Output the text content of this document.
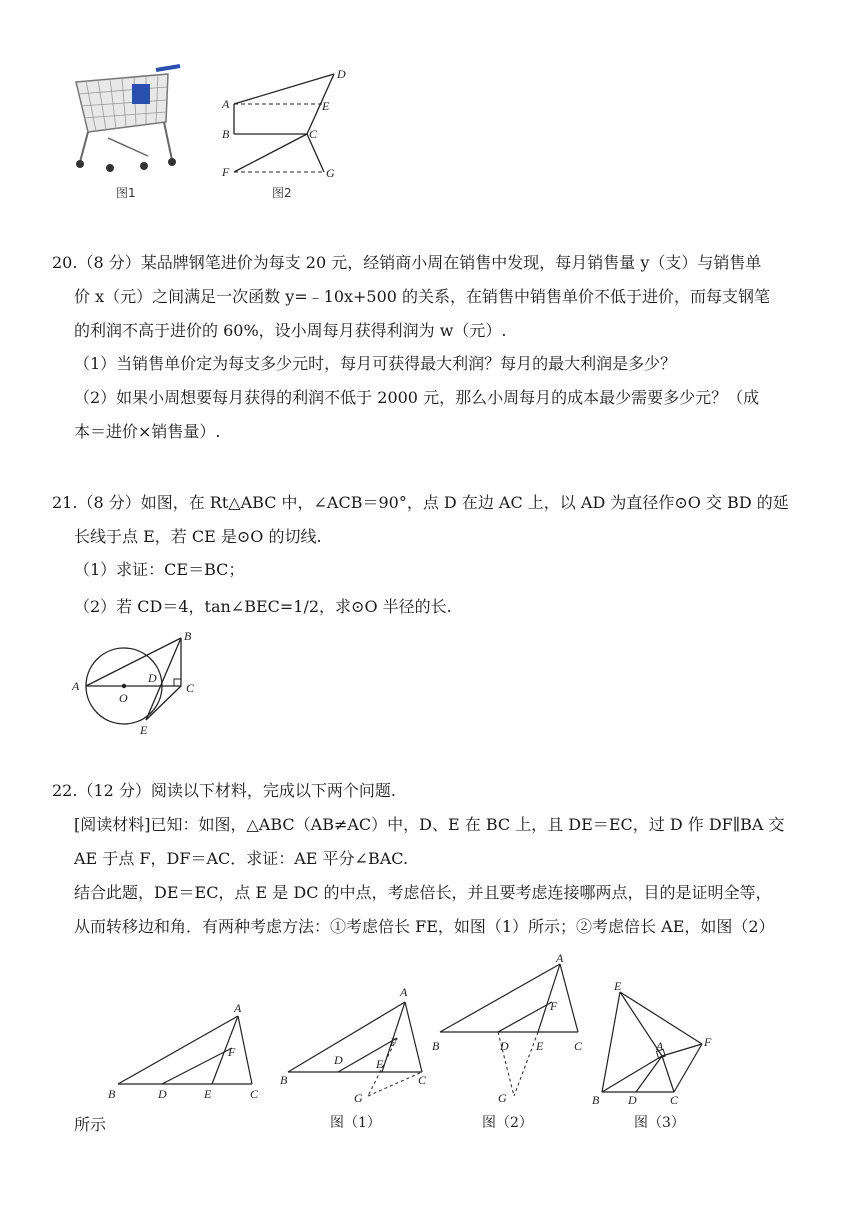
图1
A
B	C
D
E
F	G
图2
20.（8 分）某品牌钢笔进价为每支 20 元，经销商小周在销售中发现，每月销售量 y（支）与销售单
价 x（元）之间满足一次函数 y=﹣10x+500 的关系，在销售中销售单价不低于进价，而每支钢笔
的利润不高于进价的 60%，设小周每月获得利润为 w（元）.
（1）当销售单价定为每支多少元时，每月可获得最大利润？每月的最大利润是多少？
（2）如果小周想要每月获得的利润不低于 2000 元，那么小周每月的成本最少需要多少元？（成
本＝进价×销售量）.
21.（8 分）如图，在 Rt△ABC 中，∠ACB＝90°，点 D 在边 AC 上，以 AD 为直径作⊙O 交 BD 的延
长线于点 E，若 CE 是⊙O 的切线.
（1）求证：CE＝BC；
（2）若 CD＝4，tan∠BEC=1/2，求⊙O 半径的长.
A
O
D
B
C
E
22.（12 分）阅读以下材料，完成以下两个问题.
[阅读材料]已知：如图，△ABC（AB≠AC）中，D、E 在 BC 上，且 DE＝EC，过 D 作 DF∥BA 交
AE 于点 F，DF＝AC．求证：AE 平分∠BAC.
结合此题，DE＝EC，点 E 是 DC 的中点，考虑倍长，并且要考虑连接哪两点，目的是证明全等，
从而转移边和角．有两种考虑方法：①考虑倍长 FE，如图（1）所示；②考虑倍长 AE，如图（2）
所示
A
B	D	E	C
F
A
B
D	E
C
F
G
A
B	D E	C
F
G
E
A	F
B D	C
图（1）	图（2）	图（3）
